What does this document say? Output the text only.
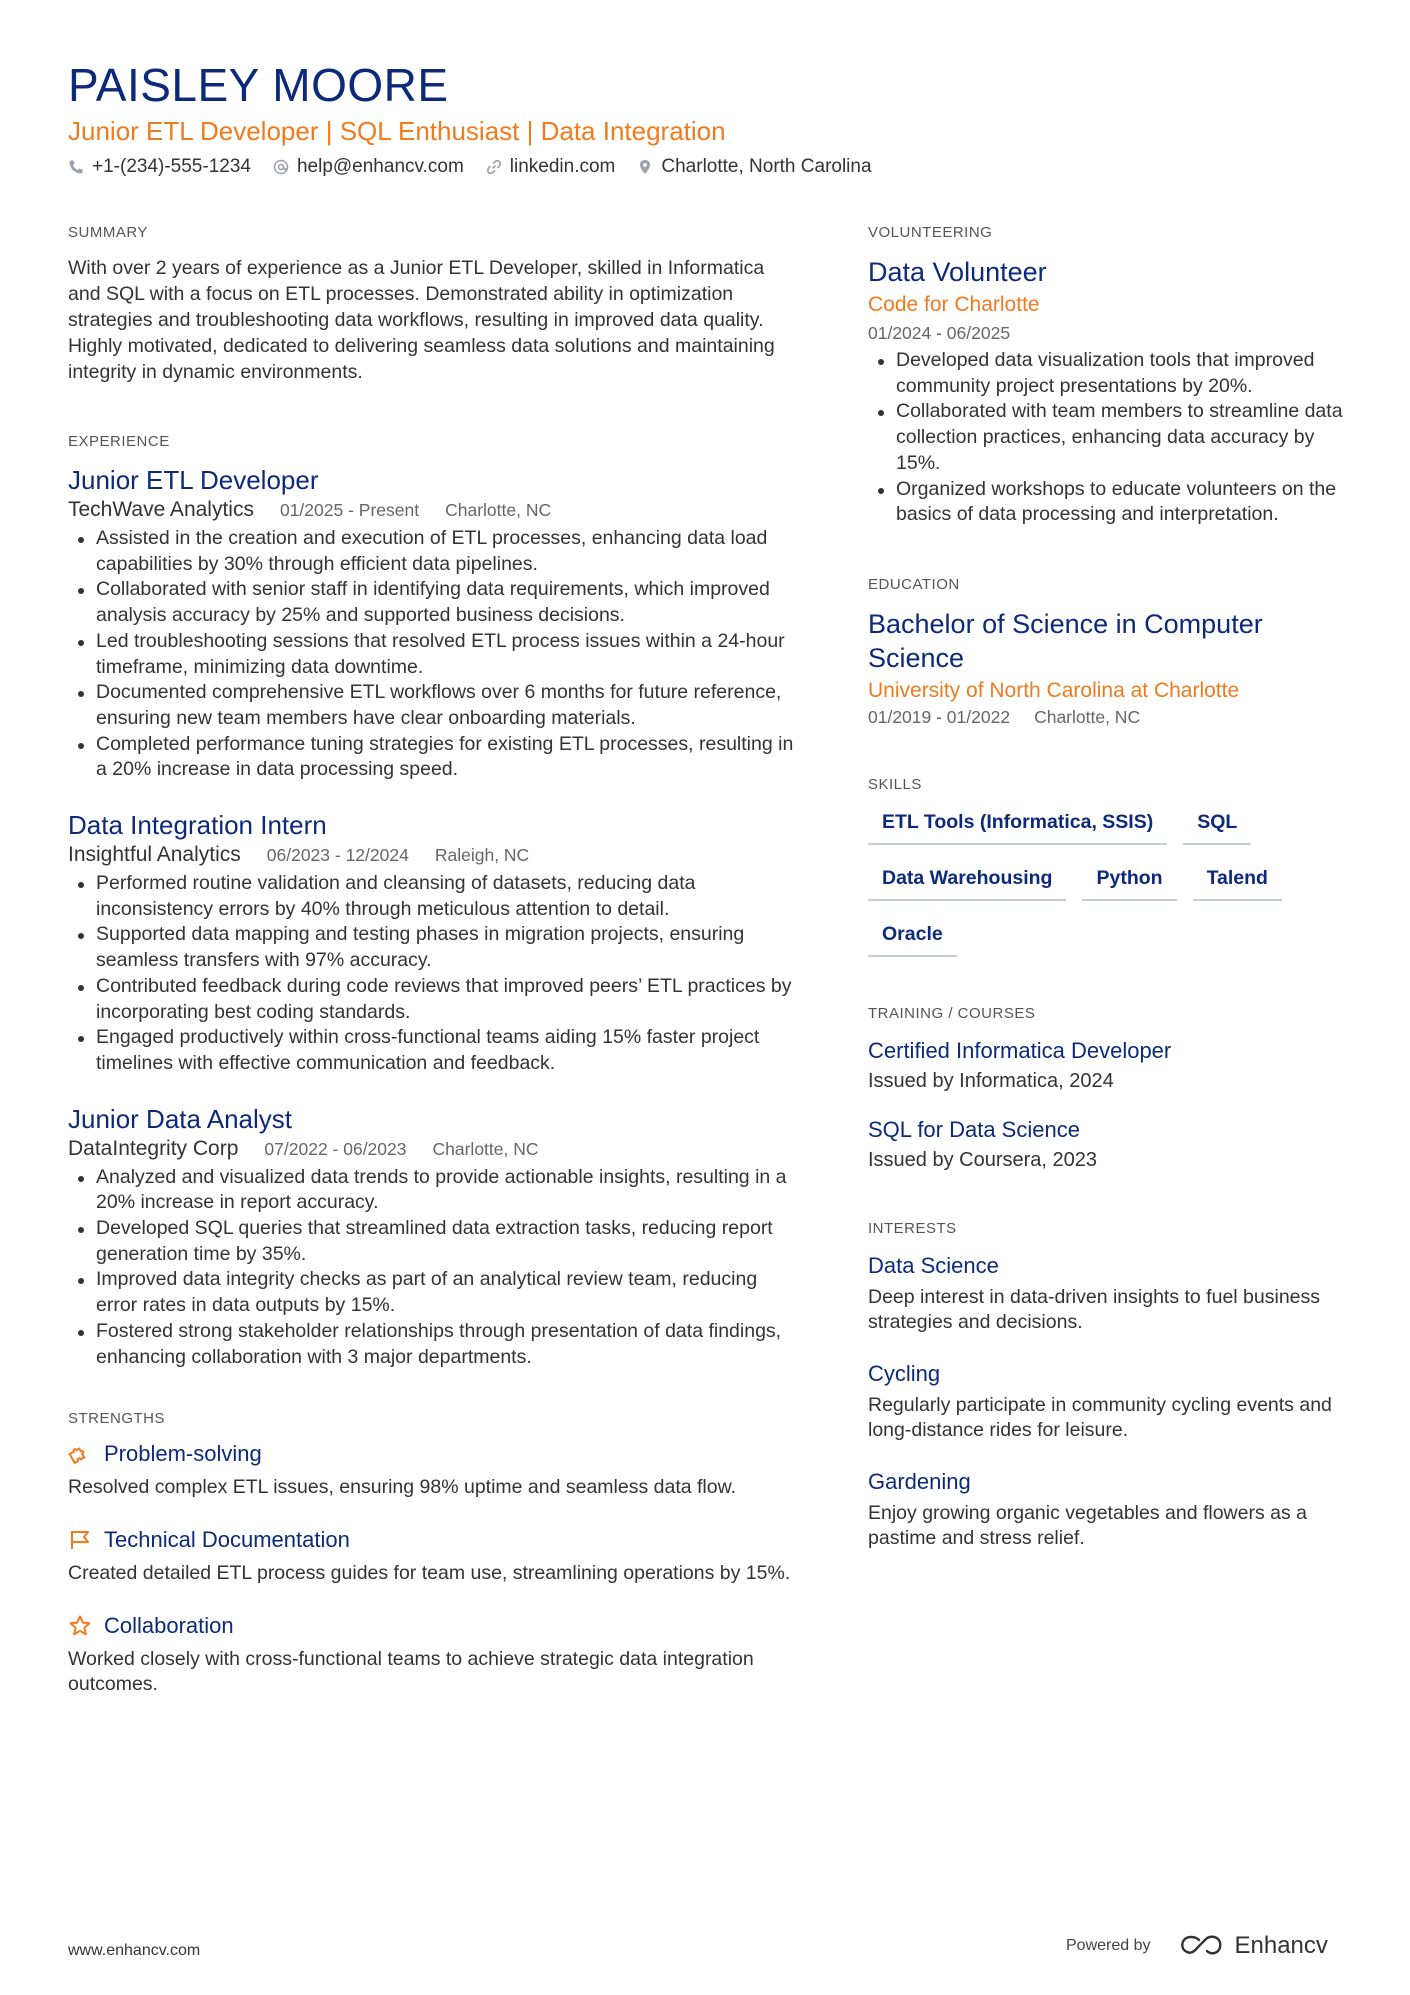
PAISLEY MOORE
Junior ETL Developer | SQL Enthusiast | Data Integration
+1-(234)-555-1234 help@enhancv.com linkedin.com Charlotte, North Carolina
SUMMARY
With over 2 years of experience as a Junior ETL Developer, skilled in Informatica and SQL with a focus on ETL processes. Demonstrated ability in optimization strategies and troubleshooting data workflows, resulting in improved data quality. Highly motivated, dedicated to delivering seamless data solutions and maintaining integrity in dynamic environments.
EXPERIENCE
Junior ETL Developer
TechWave Analytics 01/2025 - Present Charlotte, NC
Assisted in the creation and execution of ETL processes, enhancing data load capabilities by 30% through efficient data pipelines.
Collaborated with senior staff in identifying data requirements, which improved analysis accuracy by 25% and supported business decisions.
Led troubleshooting sessions that resolved ETL process issues within a 24-hour timeframe, minimizing data downtime.
Documented comprehensive ETL workflows over 6 months for future reference, ensuring new team members have clear onboarding materials.
Completed performance tuning strategies for existing ETL processes, resulting in a 20% increase in data processing speed.
Data Integration Intern
Insightful Analytics 06/2023 - 12/2024 Raleigh, NC
Performed routine validation and cleansing of datasets, reducing data inconsistency errors by 40% through meticulous attention to detail.
Supported data mapping and testing phases in migration projects, ensuring seamless transfers with 97% accuracy.
Contributed feedback during code reviews that improved peers’ ETL practices by incorporating best coding standards.
Engaged productively within cross-functional teams aiding 15% faster project timelines with effective communication and feedback.
Junior Data Analyst
DataIntegrity Corp 07/2022 - 06/2023 Charlotte, NC
Analyzed and visualized data trends to provide actionable insights, resulting in a 20% increase in report accuracy.
Developed SQL queries that streamlined data extraction tasks, reducing report generation time by 35%.
Improved data integrity checks as part of an analytical review team, reducing error rates in data outputs by 15%.
Fostered strong stakeholder relationships through presentation of data findings, enhancing collaboration with 3 major departments.
STRENGTHS
Problem-solving
Resolved complex ETL issues, ensuring 98% uptime and seamless data flow.
Technical Documentation
Created detailed ETL process guides for team use, streamlining operations by 15%.
Collaboration
Worked closely with cross-functional teams to achieve strategic data integration outcomes.
VOLUNTEERING
Data Volunteer
Code for Charlotte
01/2024 - 06/2025
Developed data visualization tools that improved community project presentations by 20%.
Collaborated with team members to streamline data collection practices, enhancing data accuracy by 15%.
Organized workshops to educate volunteers on the basics of data processing and interpretation.
EDUCATION
Bachelor of Science in Computer Science
University of North Carolina at Charlotte
01/2019 - 01/2022 Charlotte, NC
SKILLS
ETL Tools (Informatica, SSIS)	SQL
Data Warehousing	Python	Talend
Oracle
TRAINING / COURSES
Certified Informatica Developer
Issued by Informatica, 2024
SQL for Data Science
Issued by Coursera, 2023
INTERESTS
Data Science
Deep interest in data-driven insights to fuel business strategies and decisions.
Cycling
Regularly participate in community cycling events and long-distance rides for leisure.
Gardening
Enjoy growing organic vegetables and flowers as a pastime and stress relief.
www.enhancv.com	Powered by	Enhancv
